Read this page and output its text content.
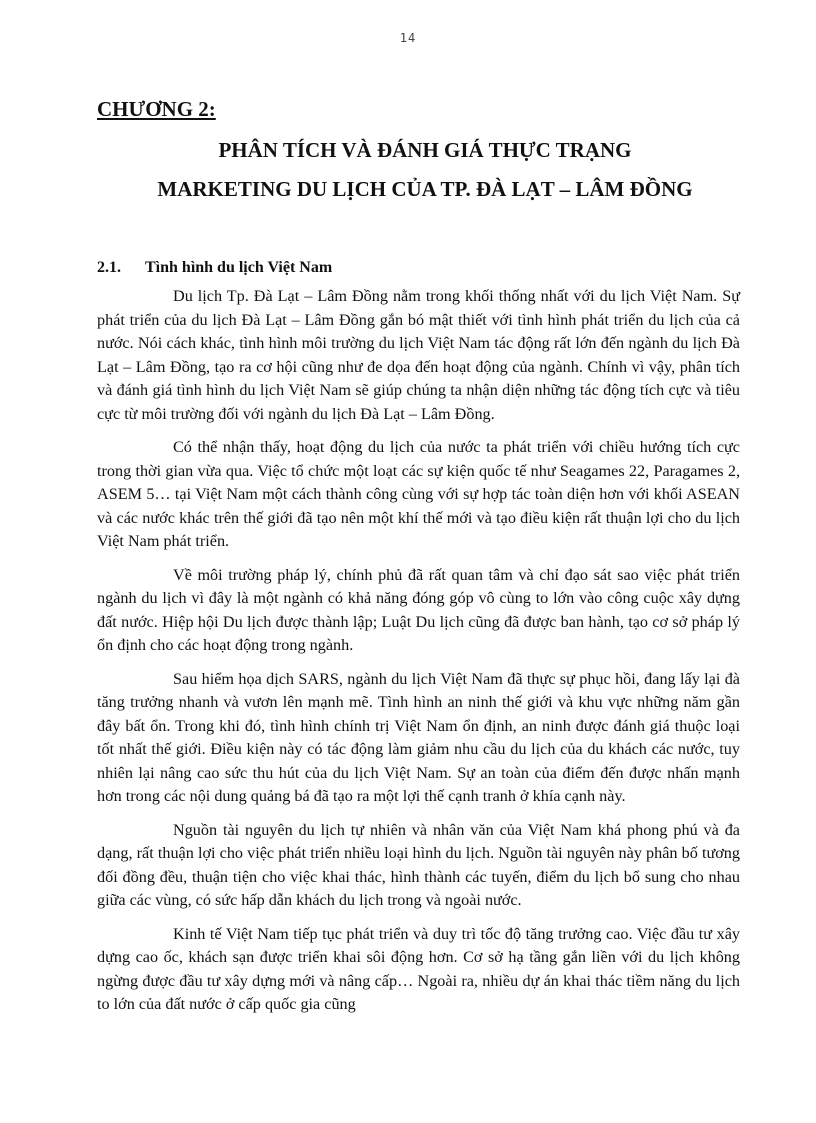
14
CHƯƠNG 2:
PHÂN TÍCH VÀ ĐÁNH GIÁ THỰC TRẠNG
MARKETING DU LỊCH CỦA TP. ĐÀ LẠT – LÂM ĐỒNG
2.1. Tình hình du lịch Việt Nam

Du lịch Tp. Đà Lạt – Lâm Đồng nằm trong khối thống nhất với du lịch Việt Nam. Sự phát triển của du lịch Đà Lạt – Lâm Đồng gắn bó mật thiết với tình hình phát triển du lịch của cả nước. Nói cách khác, tình hình môi trường du lịch Việt Nam tác động rất lớn đến ngành du lịch Đà Lạt – Lâm Đồng, tạo ra cơ hội cũng như đe dọa đến hoạt động của ngành. Chính vì vậy, phân tích và đánh giá tình hình du lịch Việt Nam sẽ giúp chúng ta nhận diện những tác động tích cực và tiêu cực từ môi trường đối với ngành du lịch Đà Lạt – Lâm Đồng.

Có thể nhận thấy, hoạt động du lịch của nước ta phát triển với chiều hướng tích cực trong thời gian vừa qua. Việc tổ chức một loạt các sự kiện quốc tế như Seagames 22, Paragames 2, ASEM 5… tại Việt Nam một cách thành công cùng với sự hợp tác toàn diện hơn với khối ASEAN và các nước khác trên thế giới đã tạo nên một khí thế mới và tạo điều kiện rất thuận lợi cho du lịch Việt Nam phát triển.

Về môi trường pháp lý, chính phủ đã rất quan tâm và chỉ đạo sát sao việc phát triển ngành du lịch vì đây là một ngành có khả năng đóng góp vô cùng to lớn vào công cuộc xây dựng đất nước. Hiệp hội Du lịch được thành lập; Luật Du lịch cũng đã được ban hành, tạo cơ sở pháp lý ổn định cho các hoạt động trong ngành.

Sau hiểm họa dịch SARS, ngành du lịch Việt Nam đã thực sự phục hồi, đang lấy lại đà tăng trưởng nhanh và vươn lên mạnh mẽ. Tình hình an ninh thế giới và khu vực những năm gần đây bất ổn. Trong khi đó, tình hình chính trị Việt Nam ổn định, an ninh được đánh giá thuộc loại tốt nhất thế giới. Điều kiện này có tác động làm giảm nhu cầu du lịch của du khách các nước, tuy nhiên lại nâng cao sức thu hút của du lịch Việt Nam. Sự an toàn của điểm đến được nhấn mạnh hơn trong các nội dung quảng bá đã tạo ra một lợi thế cạnh tranh ở khía cạnh này.

Nguồn tài nguyên du lịch tự nhiên và nhân văn của Việt Nam khá phong phú và đa dạng, rất thuận lợi cho việc phát triển nhiều loại hình du lịch. Nguồn tài nguyên này phân bố tương đối đồng đều, thuận tiện cho việc khai thác, hình thành các tuyến, điểm du lịch bổ sung cho nhau giữa các vùng, có sức hấp dẫn khách du lịch trong và ngoài nước.

Kinh tế Việt Nam tiếp tục phát triển và duy trì tốc độ tăng trưởng cao. Việc đầu tư xây dựng cao ốc, khách sạn được triển khai sôi động hơn. Cơ sở hạ tầng gắn liền với du lịch không ngừng được đầu tư xây dựng mới và nâng cấp… Ngoài ra, nhiều dự án khai thác tiềm năng du lịch to lớn của đất nước ở cấp quốc gia cũng
